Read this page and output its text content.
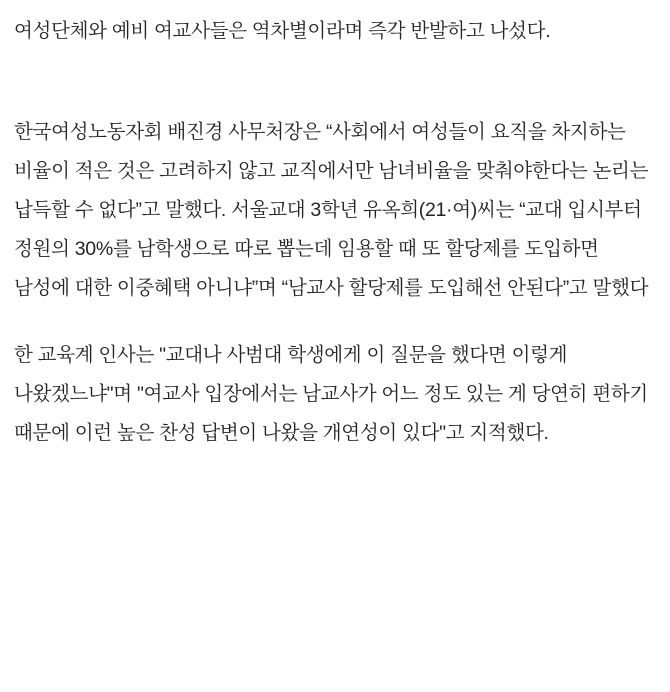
여성단체와 예비 여교사들은 역차별이라며 즉각 반발하고 나섰다.

한국여성노동자회 배진경 사무처장은 “사회에서 여성들이 요직을 차지하는 비율이 적은 것은 고려하지 않고 교직에서만 남녀비율을 맞춰야한다는 논리는 납득할 수 없다”고 말했다. 서울교대 3학년 유옥희(21·여)씨는 “교대 입시부터 정원의 30%를 남학생으로 따로 뽑는데 임용할 때 또 할당제를 도입하면 남성에 대한 이중혜택 아니냐”며 “남교사 할당제를 도입해선 안된다”고 말했다

한 교육계 인사는 "교대나 사범대 학생에게 이 질문을 했다면 이렇게 나왔겠느냐"며 "여교사 입장에서는 남교사가 어느 정도 있는 게 당연히 편하기 때문에 이런 높은 찬성 답변이 나왔을 개연성이 있다"고 지적했다.
